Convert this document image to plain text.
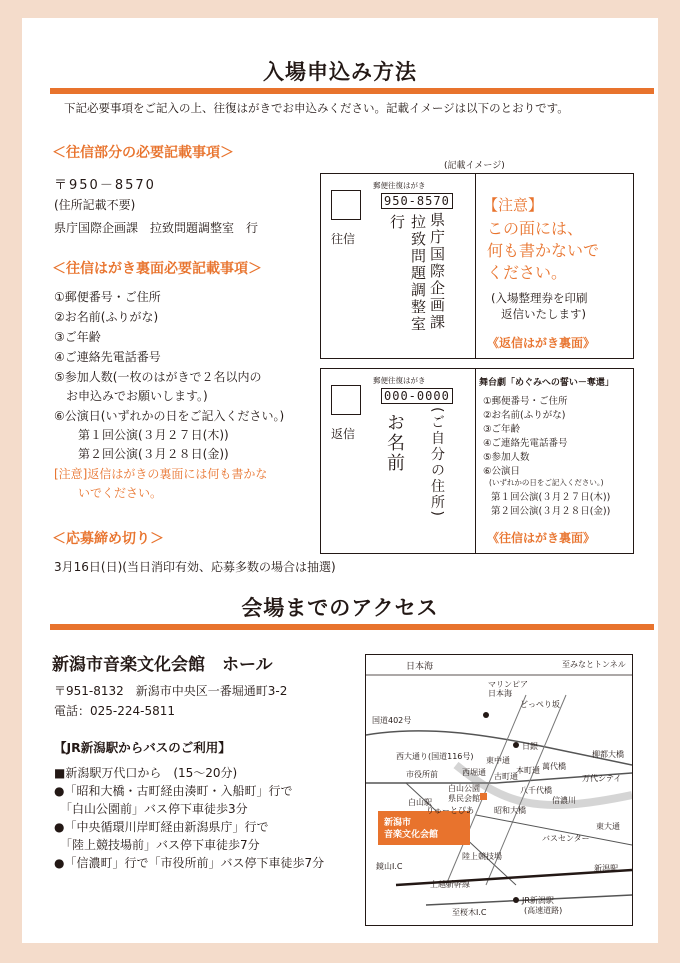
入場申込み方法
下記必要事項をご記入の上、往復はがきでお申込みください。記載イメージは以下のとおりです。
＜往信部分の必要記載事項＞
〒950－8570
(住所記載不要)
県庁国際企画課　拉致問題調整室　行
＜往信はがき裏面必要記載事項＞
①郵便番号・ご住所
②お名前(ふりがな)
③ご年齢
④ご連絡先電話番号
⑤参加人数(一枚のはがきで２名以内の
　お申込みでお願いします。)
⑥公演日(いずれかの日をご記入ください。)
　　第１回公演(３月２７日(木))
　　第２回公演(３月２８日(金))
[注意]返信はがきの裏面には何も書かな
　　いでください。
＜応募締め切り＞
3月16日(日)(当日消印有効、応募多数の場合は抽選)
(記載イメージ)
郵便往復はがき
950-8570
往信	県庁国際企画課
拉致問題調整室　行
【注意】
この面には、
何も書かないで
ください。
(入場整理券を印刷
返信いたします)
《返信はがき裏面》
郵便往復はがき
000-0000
返信	(ご自分の住所)
お名前
舞台劇「めぐみへの誓い－奪還」
①郵便番号・ご住所
②お名前(ふりがな)
③ご年齢
④ご連絡先電話番号
⑤参加人数
⑥公演日
(いずれかの日をご記入ください。)
第１回公演(３月２７日(木))
第２回公演(３月２８日(金))
《往信はがき裏面》
会場までのアクセス
新潟市音楽文化会館　ホール
〒951-8132　新潟市中央区一番堀通町3-2
電話：025-224-5811
【JR新潟駅からバスのご利用】
■新潟駅万代口から　(15〜20分)
●「昭和大橋・古町経由湊町・入船町」行で
　「白山公園前」バス停下車徒歩3分
●「中央循環川岸町経由新潟県庁」行で
　「陸上競技場前」バス停下車徒歩7分
●「信濃町」行で「市役所前」バス停下車徒歩7分
日本海	至みなとトンネル
マリンピア
日本海
どっぺり坂
国道402号
日銀
西大通り(国道116号)
市役所前
白山公園
県民会館
白山駅
りゅーとぴあ	昭和大橋
新潟市
音楽文化会館
東中通
西堀通 古町通
本町通 萬代橋
万代シテイ
柳都大橋
信濃川
八千代橋
バスセンター
東大通
新潟駅
至桜木I.C
JR新潟駅
(高速道路)
陸上競技場
上越新幹線
鏡山I.C
